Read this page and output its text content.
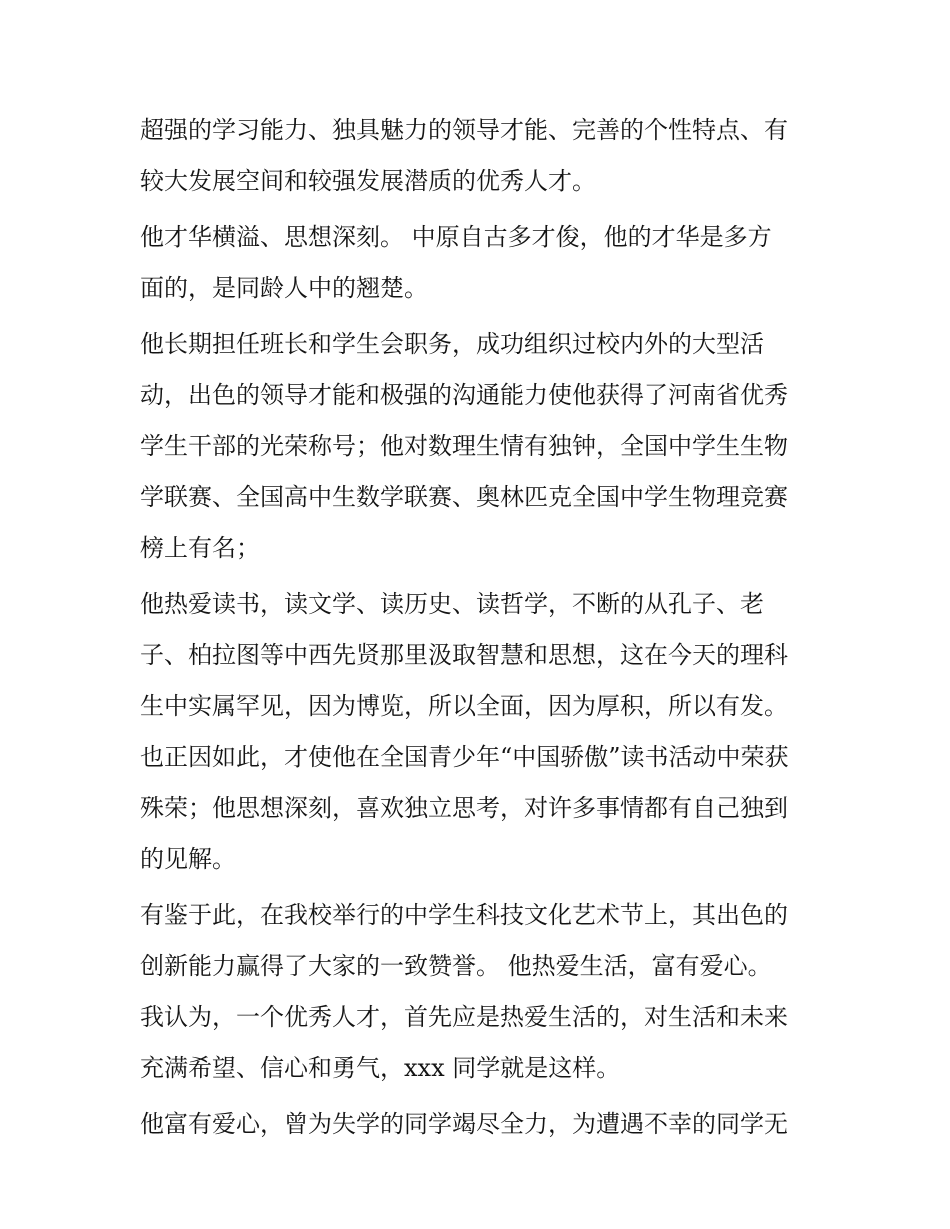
超强的学习能力、独具魅力的领导才能、完善的个性特点、有
较大发展空间和较强发展潜质的优秀人才。
他才华横溢、思想深刻。 中原自古多才俊，他的才华是多方
面的，是同龄人中的翘楚。
他长期担任班长和学生会职务，成功组织过校内外的大型活
动，出色的领导才能和极强的沟通能力使他获得了河南省优秀
学生干部的光荣称号；他对数理生情有独钟，全国中学生生物
学联赛、全国高中生数学联赛、奥林匹克全国中学生物理竞赛
榜上有名；
他热爱读书，读文学、读历史、读哲学，不断的从孔子、老
子、柏拉图等中西先贤那里汲取智慧和思想，这在今天的理科
生中实属罕见，因为博览，所以全面，因为厚积，所以有发。
也正因如此，才使他在全国青少年“中国骄傲”读书活动中荣获
殊荣；他思想深刻，喜欢独立思考，对许多事情都有自己独到
的见解。
有鉴于此，在我校举行的中学生科技文化艺术节上，其出色的
创新能力赢得了大家的一致赞誉。 他热爱生活，富有爱心。
我认为，一个优秀人才，首先应是热爱生活的，对生活和未来
充满希望、信心和勇气，xxx 同学就是这样。
他富有爱心，曾为失学的同学竭尽全力，为遭遇不幸的同学无
